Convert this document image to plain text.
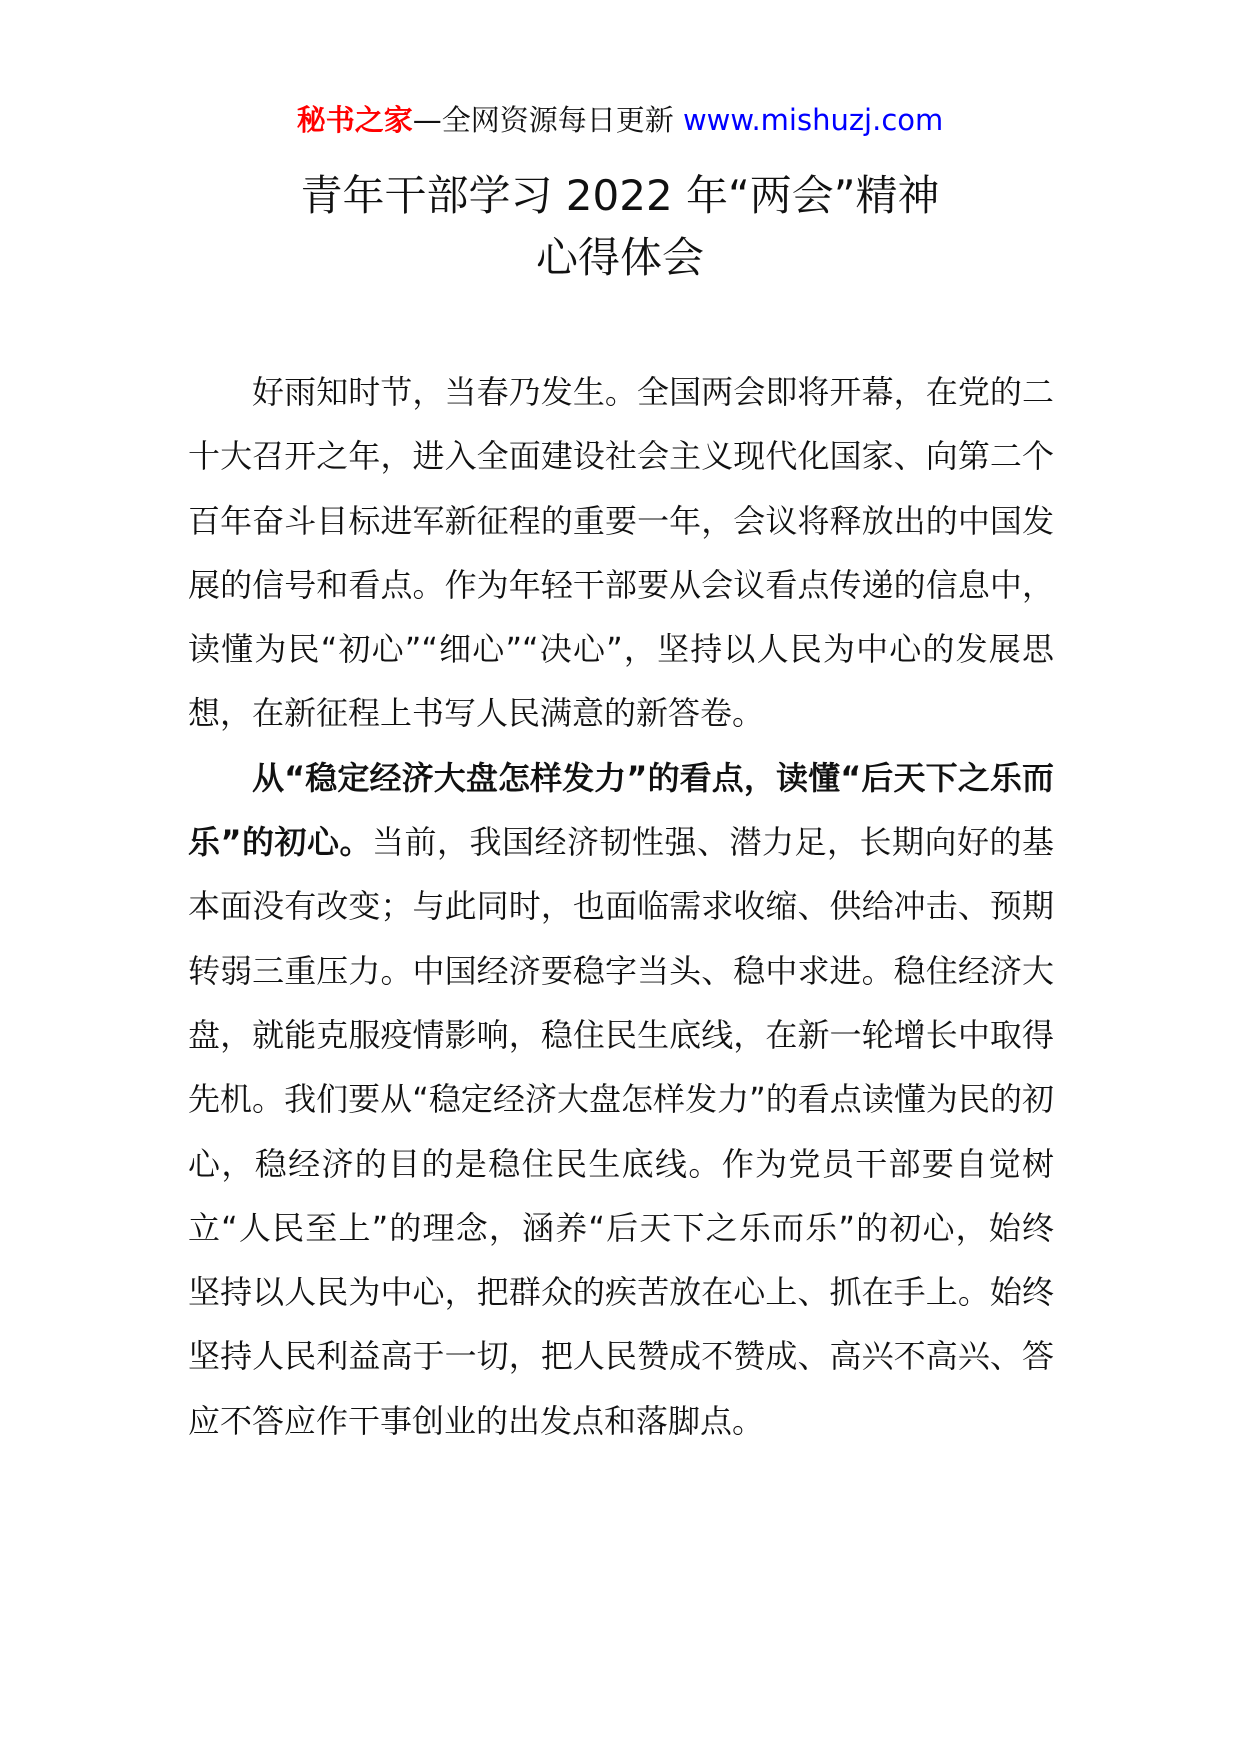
秘书之家—全网资源每日更新 www.mishuzj.com
青年干部学习 2022 年“两会”精神
心得体会

好雨知时节，当春乃发生。全国两会即将开幕，在党的二十大召开之年，进入全面建设社会主义现代化国家、向第二个百年奋斗目标进军新征程的重要一年，会议将释放出的中国发展的信号和看点。作为年轻干部要从会议看点传递的信息中，读懂为民“初心”“细心”“决心”，坚持以人民为中心的发展思想，在新征程上书写人民满意的新答卷。

从“稳定经济大盘怎样发力”的看点，读懂“后天下之乐而乐”的初心。当前，我国经济韧性强、潜力足，长期向好的基本面没有改变；与此同时，也面临需求收缩、供给冲击、预期转弱三重压力。中国经济要稳字当头、稳中求进。稳住经济大盘，就能克服疫情影响，稳住民生底线，在新一轮增长中取得先机。我们要从“稳定经济大盘怎样发力”的看点读懂为民的初心，稳经济的目的是稳住民生底线。作为党员干部要自觉树立“人民至上”的理念，涵养“后天下之乐而乐”的初心，始终坚持以人民为中心，把群众的疾苦放在心上、抓在手上。始终坚持人民利益高于一切，把人民赞成不赞成、高兴不高兴、答应不答应作干事创业的出发点和落脚点。
